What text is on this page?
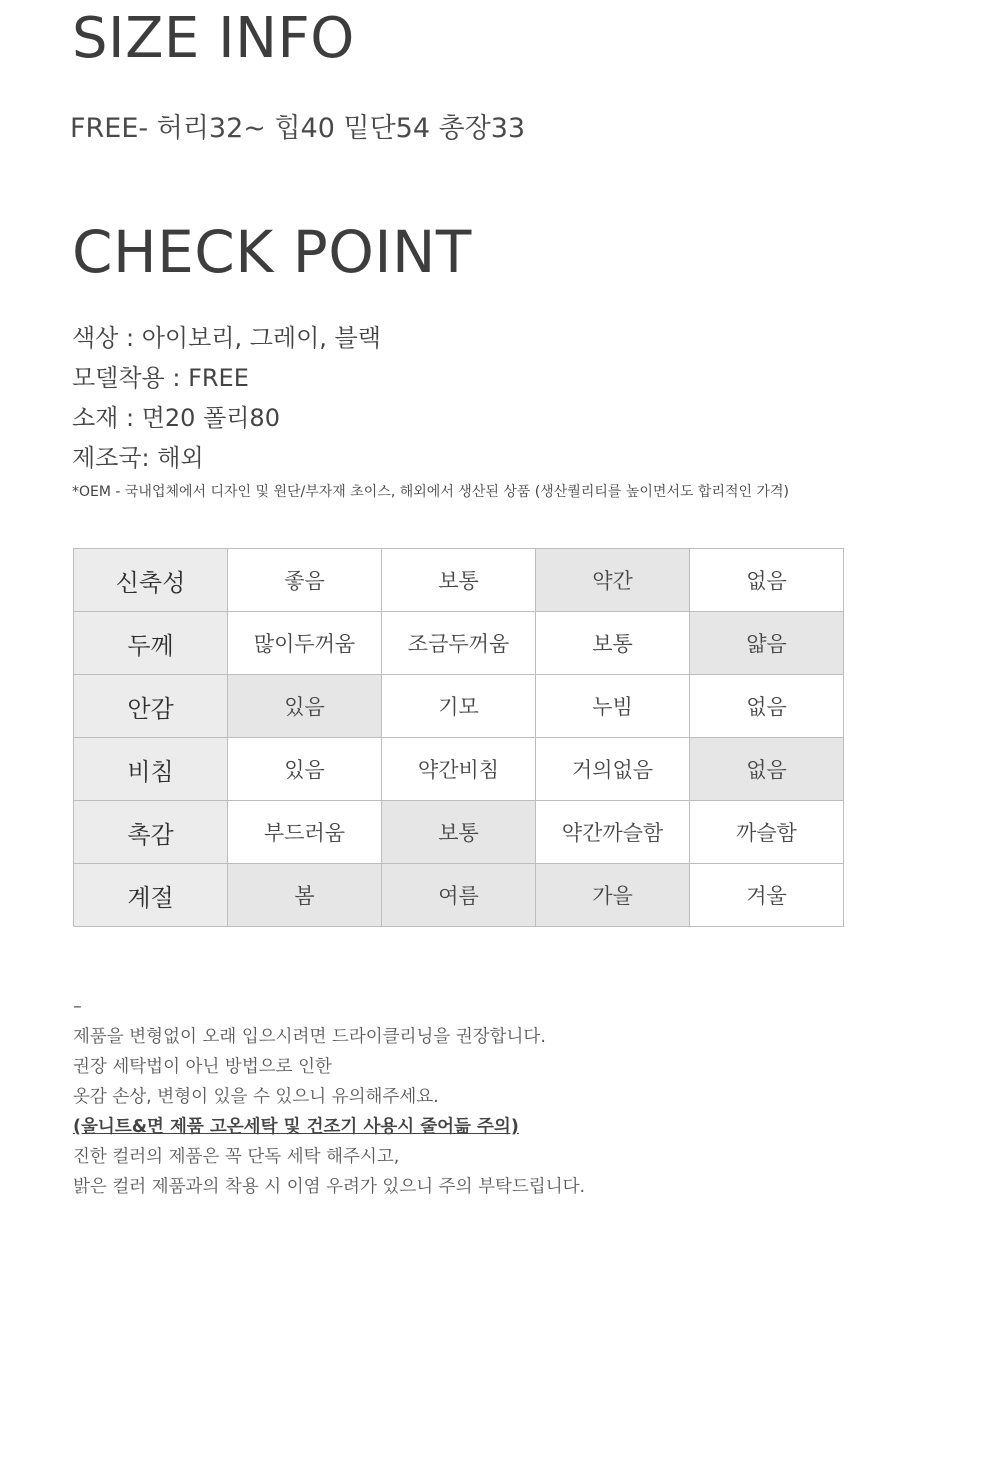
SIZE INFO
FREE- 허리32~ 힙40 밑단54 총장33
CHECK POINT
색상 : 아이보리, 그레이, 블랙
모델착용 : FREE
소재 : 면20 폴리80
제조국: 해외
*OEM - 국내업체에서 디자인 및 원단/부자재 초이스, 해외에서 생산된 상품 (생산퀄리티를 높이면서도 합리적인 가격)
신축성	좋음	보통	약간	없음
두께	많이두꺼움	조금두꺼움	보통	얇음
안감	있음	기모	누빔	없음
비침	있음	약간비침	거의없음	없음
촉감	부드러움	보통	약간까슬함	까슬함
계절	봄	여름	가을	겨울
–
제품을 변형없이 오래 입으시려면 드라이클리닝을 권장합니다.
권장 세탁법이 아닌 방법으로 인한
옷감 손상, 변형이 있을 수 있으니 유의해주세요.
(울니트&면 제품 고온세탁 및 건조기 사용시 줄어듦 주의)
진한 컬러의 제품은 꼭 단독 세탁 해주시고,
밝은 컬러 제품과의 착용 시 이염 우려가 있으니 주의 부탁드립니다.
